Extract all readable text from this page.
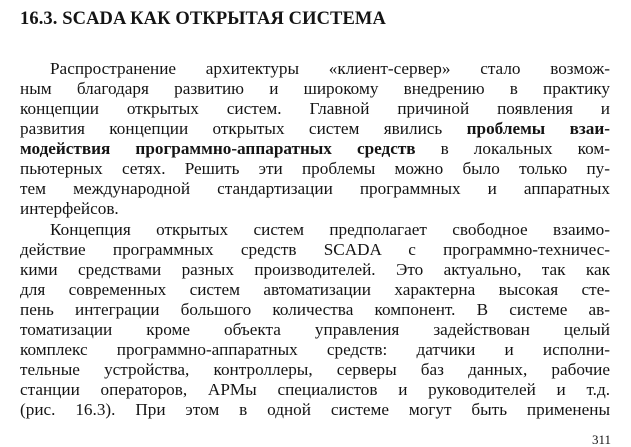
16.3. SCADA КАК ОТКРЫТАЯ СИСТЕМА

Распространение архитектуры «клиент-сервер» стало возмож-

ным благодаря развитию и широкому внедрению в практику

концепции открытых систем. Главной причиной появления и

развития концепции открытых систем явились проблемы взаи-

модействия программно-аппаратных средств в локальных ком-

пьютерных сетях. Решить эти проблемы можно было только пу-

тем международной стандартизации программных и аппаратных

интерфейсов.

Концепция открытых систем предполагает свободное взаимо-

действие программных средств SCADA с программно-техничес-

кими средствами разных производителей. Это актуально, так как

для современных систем автоматизации характерна высокая сте-

пень интеграции большого количества компонент. В системе ав-

томатизации кроме объекта управления задействован целый

комплекс программно-аппаратных средств: датчики и исполни-

тельные устройства, контроллеры, серверы баз данных, рабочие

станции операторов, АРМы специалистов и руководителей и т.д.

(рис. 16.3). При этом в одной системе могут быть применены

311
